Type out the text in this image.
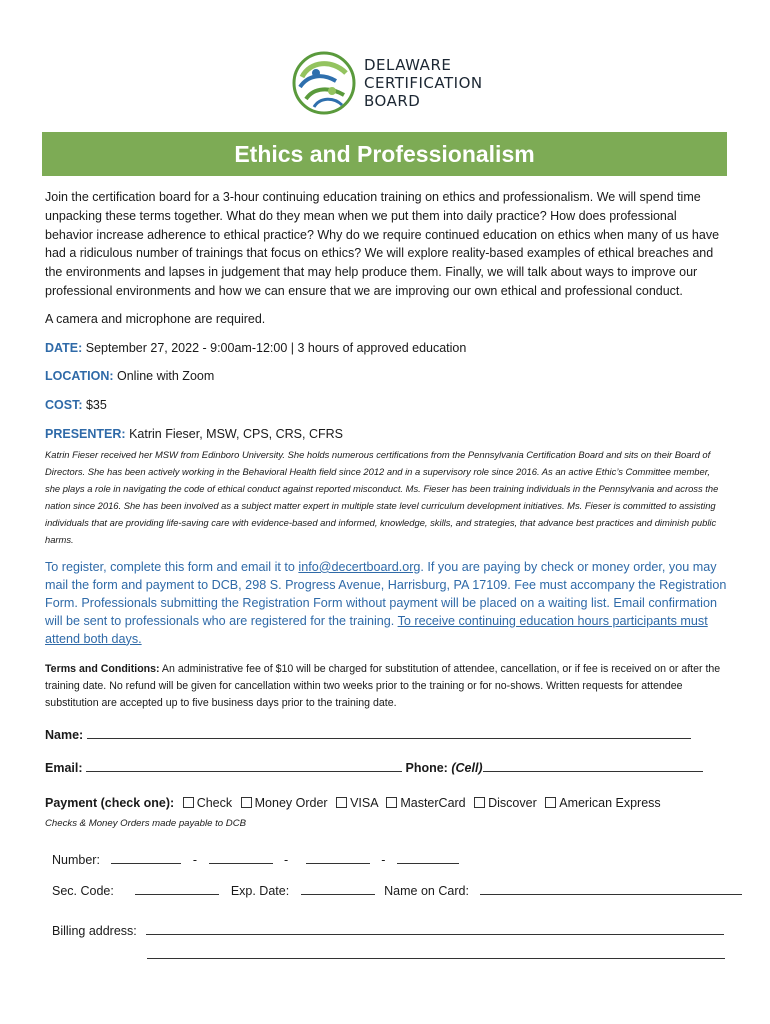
DELAWARE
CERTIFICATION
BOARD
Ethics and Professionalism

Join the certification board for a 3-hour continuing education training on ethics and professionalism. We will spend time unpacking these terms together. What do they mean when we put them into daily practice? How does professional behavior increase adherence to ethical practice? Why do we require continued education on ethics when many of us have had a ridiculous number of trainings that focus on ethics? We will explore reality-based examples of ethical breaches and the environments and lapses in judgement that may help produce them. Finally, we will talk about ways to improve our professional environments and how we can ensure that we are improving our own ethical and professional conduct.

A camera and microphone are required.

DATE: September 27, 2022 - 9:00am-12:00 | 3 hours of approved education

LOCATION: Online with Zoom

COST: $35

PRESENTER: Katrin Fieser, MSW, CPS, CRS, CFRS

Katrin Fieser received her MSW from Edinboro University. She holds numerous certifications from the Pennsylvania Certification Board and sits on their Board of Directors. She has been actively working in the Behavioral Health field since 2012 and in a supervisory role since 2016. As an active Ethic’s Committee member, she plays a role in navigating the code of ethical conduct against reported misconduct. Ms. Fieser has been training individuals in the Pennsylvania and across the nation since 2016. She has been involved as a subject matter expert in multiple state level curriculum development initiatives. Ms. Fieser is committed to assisting individuals that are providing life-saving care with evidence-based and informed, knowledge, skills, and strategies, that advance best practices and diminish public harms.

To register, complete this form and email it to info@decertboard.org. If you are paying by check or money order, you may mail the form and payment to DCB, 298 S. Progress Avenue, Harrisburg, PA 17109. Fee must accompany the Registration Form. Professionals submitting the Registration Form without payment will be placed on a waiting list. Email confirmation will be sent to professionals who are registered for the training. To receive continuing education hours participants must attend both days.

Terms and Conditions: An administrative fee of $10 will be charged for substitution of attendee, cancellation, or if fee is received on or after the training date. No refund will be given for cancellation within two weeks prior to the training or for no-shows. Written requests for attendee substitution are accepted up to five business days prior to the training date.

Name:
Email:	Phone: (Cell)
Payment (check one): Check Money Order VISA MasterCard Discover American Express
Checks & Money Orders made payable to DCB
Number:	-	-	-
Sec. Code:	Exp. Date:	Name on Card:
Billing address:
